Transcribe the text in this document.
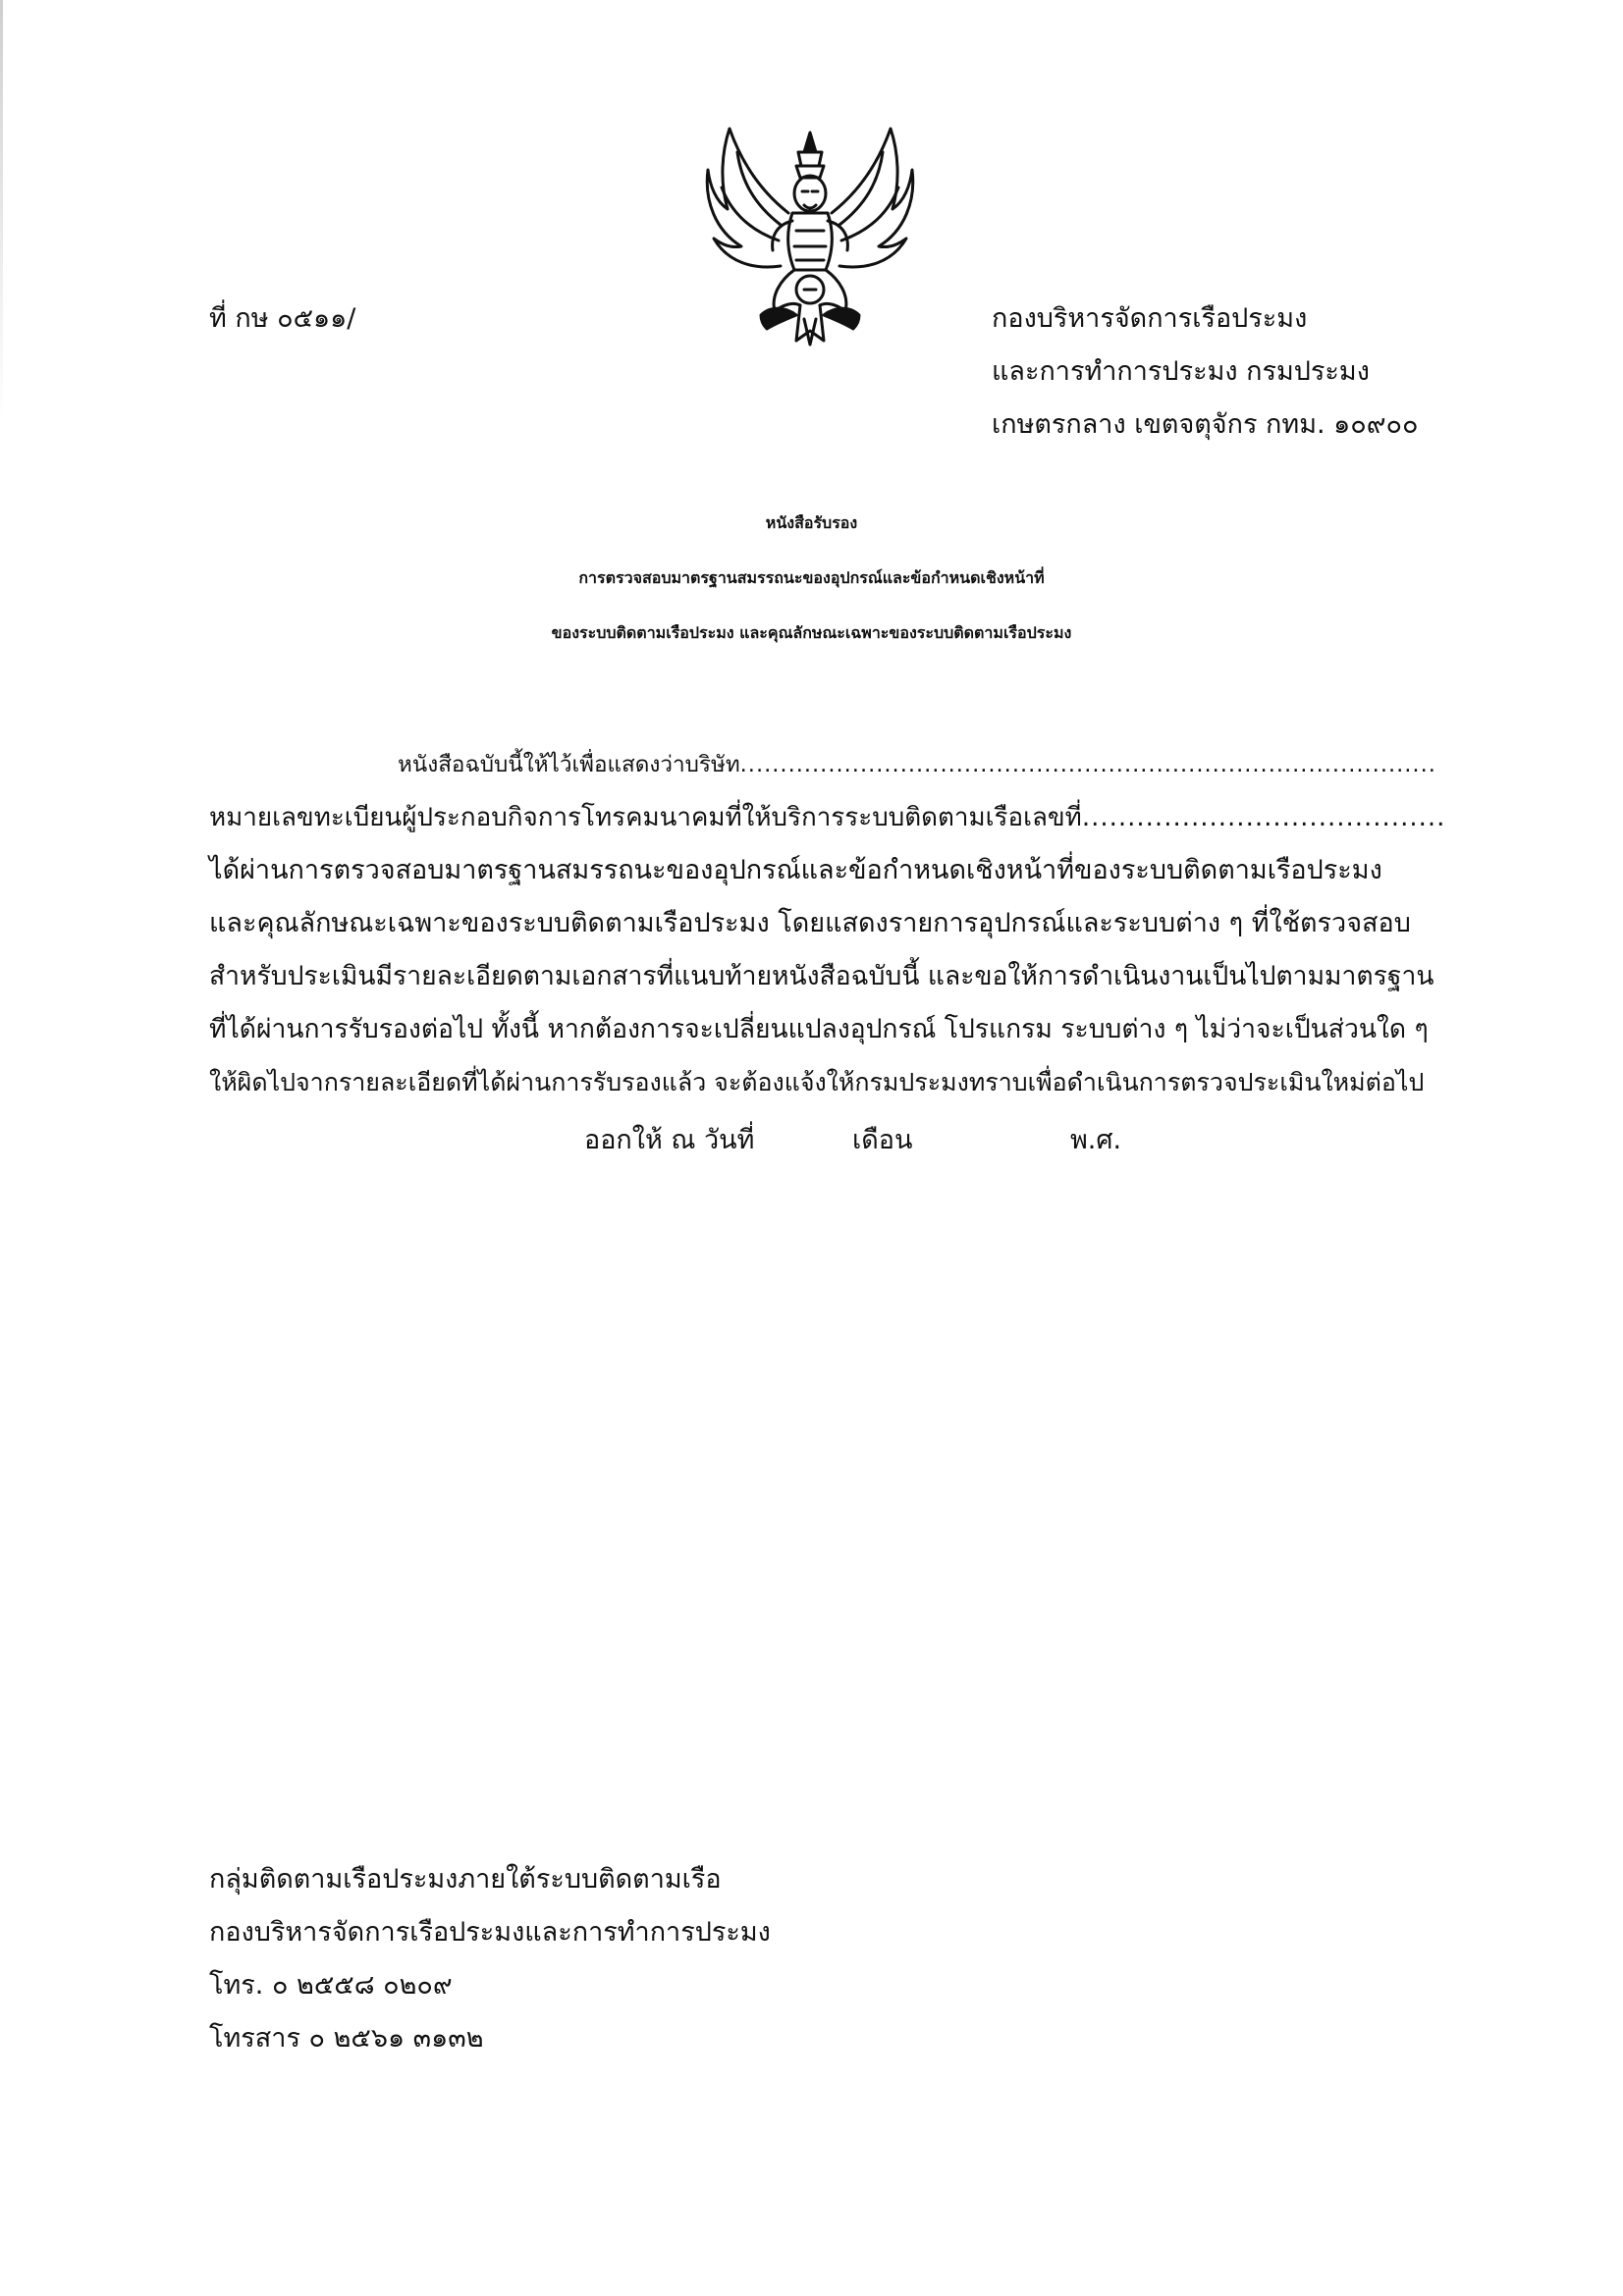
ที่ กษ ๐๕๑๑/	กองบริหารจัดการเรือประมง

และการทำการประมง กรมประมง

เกษตรกลาง เขตจตุจักร กทม. ๑๐๙๐๐

หนังสือรับรอง

การตรวจสอบมาตรฐานสมรรถนะของอุปกรณ์และข้อกำหนดเชิงหน้าที่

ของระบบติดตามเรือประมง และคุณลักษณะเฉพาะของระบบติดตามเรือประมง

หนังสือฉบับนี้ให้ไว้เพื่อแสดงว่าบริษัท.......................................................................................
หมายเลขทะเบียนผู้ประกอบกิจการโทรคมนาคมที่ให้บริการระบบติดตามเรือเลขที่........................................
ได้ผ่านการตรวจสอบมาตรฐานสมรรถนะของอุปกรณ์และข้อกำหนดเชิงหน้าที่ของระบบติดตามเรือประมง
และคุณลักษณะเฉพาะของระบบติดตามเรือประมง โดยแสดงรายการอุปกรณ์และระบบต่าง ๆ ที่ใช้ตรวจสอบ
สำหรับประเมินมีรายละเอียดตามเอกสารที่แนบท้ายหนังสือฉบับนี้ และขอให้การดำเนินงานเป็นไปตามมาตรฐาน
ที่ได้ผ่านการรับรองต่อไป ทั้งนี้ หากต้องการจะเปลี่ยนแปลงอุปกรณ์ โปรแกรม ระบบต่าง ๆ ไม่ว่าจะเป็นส่วนใด ๆ
ให้ผิดไปจากรายละเอียดที่ได้ผ่านการรับรองแล้ว จะต้องแจ้งให้กรมประมงทราบเพื่อดำเนินการตรวจประเมินใหม่ต่อไป

ออกให้ ณ วันที่	เดือน	พ.ศ.

กลุ่มติดตามเรือประมงภายใต้ระบบติดตามเรือ

กองบริหารจัดการเรือประมงและการทำการประมง

โทร. ๐ ๒๕๕๘ ๐๒๐๙

โทรสาร ๐ ๒๕๖๑ ๓๑๓๒
